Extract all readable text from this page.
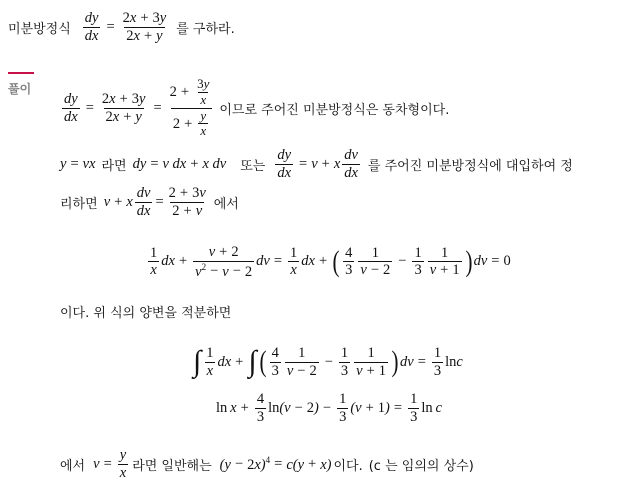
미분방정식 $\frac{dy}{dx} = \frac{2x + 3y}{2x + y}$ 를 구하라.
풀이
$\frac{dy}{dx} = \frac{2x + 3y}{2x + y} = \frac{2 + \frac{3y}{x}}{2 + \frac{y}{x}}$ 이므로 주어진 미분방정식은 동차형이다.
y = vx 라면 dy = v dx + x dv 또는 $\frac{dy}{dx} = v + x \frac{dv}{dx}$ 를 주어진 미분방정식에 대입하여 정
리하면 v + x $\frac{dv}{dx} = \frac{2 + 3v}{2 + v}$ 에서
$\frac{1}{x}$ dx + $\frac{v + 2}{v^2 - v - 2}$ dv = $\frac{1}{x}$ dx + ( $\frac{4}{3} \frac{1}{v - 2} - \frac{1}{3} \frac{1}{v + 1}$ ) dv = 0
이다. 위 식의 양변을 적분하면
∫ $\frac{1}{x}$ dx + ∫ ( $\frac{4}{3} \frac{1}{v - 2} - \frac{1}{3} \frac{1}{v + 1}$ ) dv = $\frac{1}{3}$ ln c
$\ln x + \frac{4}{3}$ ln (v − 2 ) − $\frac{1}{3} (v + 1$ ) = $\frac{1}{3}$ ln  c
에서 $v = \frac{y}{x}$ 라면 일반해는 $(y - 2x)^4 = c(y + x)$ 이다. (c 는 임의의 상수)
